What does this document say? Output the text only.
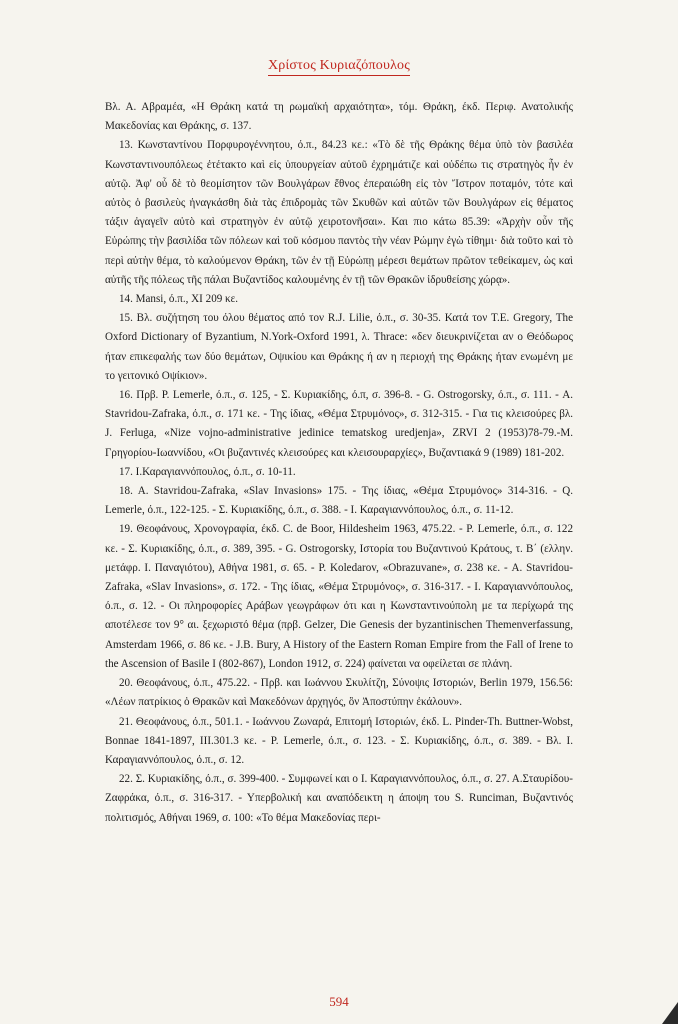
Χρίστος Κυριαζόπουλος

Βλ. Α. Αβραμέα, «Η Θράκη κατά τη ρωμαϊκή αρχαιότητα», τόμ. Θράκη, έκδ. Περιφ. Ανατολικής Μακεδονίας και Θράκης, σ. 137.

13. Κωνσταντίνου Πορφυρογέννητου, ό.π., 84.23 κε.: «Τὸ δὲ τῆς Θράκης θέμα ὑπὸ τὸν βασιλέα Κωνσταντινουπόλεως ἐτέτακτο καὶ εἰς ὑπουργείαν αὐτοῦ ἐχρημάτιζε καὶ οὐδέπω τις στρατηγὸς ἦν ἐν αὐτῷ. Ἀφ' οὗ δὲ τὸ θεομίσητον τῶν Βουλγάρων ἔθνος ἐπεραιώθη εἰς τὸν Ἴστρον ποταμόν, τότε καὶ αὐτὸς ὁ βασιλεὺς ἠναγκάσθη διὰ τὰς ἐπιδρομὰς τῶν Σκυθῶν καὶ αὐτῶν τῶν Βουλγάρων εἰς θέματος τάξιν ἀγαγεῖν αὐτὸ καὶ στρατηγὸν ἐν αὐτῷ χειροτονῆσαι». Και πιο κάτω 85.39: «Ἀρχὴν οὖν τῆς Εὐρώπης τὴν βασιλίδα τῶν πόλεων καὶ τοῦ κόσμου παντὸς τὴν νέαν Ρώμην ἐγὼ τίθημι· διὰ τοῦτο καὶ τὸ περὶ αὐτὴν θέμα, τὸ καλούμενον Θράκη, τῶν ἐν τῇ Εὐρώπῃ μέρεσι θεμάτων πρῶτον τεθείκαμεν, ὡς καὶ αὐτῆς τῆς πόλεως τῆς πάλαι Βυζαντίδος καλουμένης ἐν τῇ τῶν Θρακῶν ἱδρυθείσης χώρᾳ».

14. Mansi, ό.π., XI 209 κε.

15. Βλ. συζήτηση του όλου θέματος από τον R.J. Lilie, ό.π., σ. 30-35. Κατά τον T.E. Gregory, The Oxford Dictionary of Byzantium, N.York-Oxford 1991, λ. Thrace: «δεν διευκρινίζεται αν ο Θεόδωρος ήταν επικεφαλής των δύο θεμάτων, Οψικίου και Θράκης ή αν η περιοχή της Θράκης ήταν ενωμένη με το γειτονικό Οψίκιον».

16. Πρβ. P. Lemerle, ό.π., σ. 125, - Σ. Κυριακίδης, ό.π, σ. 396-8. - G. Ostrogorsky, ό.π., σ. 111. - A. Stavridou-Zafraka, ό.π., σ. 171 κε. - Της ίδιας, «Θέμα Στρυμόνος», σ. 312-315. - Για τις κλεισούρες βλ. J. Ferluga, «Nize vojno-administrative jedinice tematskog uredjenja», ZRVI 2 (1953)78-79.-Μ. Γρηγορίου-Ιωαννίδου, «Οι βυζαντινές κλεισούρες και κλεισουραρχίες», Βυζαντιακά 9 (1989) 181-202.

17. Ι.Καραγιαννόπουλος, ό.π., σ. 10-11.

18. A. Stavridou-Zafraka, «Slav Invasions» 175. - Της ίδιας, «Θέμα Στρυμόνος» 314-316. - Q. Lemerle, ό.π., 122-125. - Σ. Κυριακίδης, ό.π., σ. 388. - Ι. Καραγιαννόπουλος, ό.π., σ. 11-12.

19. Θεοφάνους, Χρονογραφία, έκδ. C. de Boor, Hildesheim 1963, 475.22. - P. Lemerle, ό.π., σ. 122 κε. - Σ. Κυριακίδης, ό.π., σ. 389, 395. - G. Ostrogorsky, Ιστορία του Βυζαντινού Κράτους, τ. Β΄ (ελλην. μετάφρ. Ι. Παναγιότου), Αθήνα 1981, σ. 65. - P. Koledarov, «Obrazuvane», σ. 238 κε. - A. Stavridou-Zafraka, «Slav Invasions», σ. 172. - Της ίδιας, «Θέμα Στρυμόνος», σ. 316-317. - Ι. Καραγιαννόπουλος, ό.π., σ. 12. - Οι πληροφορίες Αράβων γεωγράφων ότι και η Κωνσταντινούπολη με τα περίχωρά της αποτέλεσε τον 9° αι. ξεχωριστό θέμα (πρβ. Gelzer, Die Genesis der byzantinischen Themenverfassung, Amsterdam 1966, σ. 86 κε. - J.B. Bury, A History of the Eastern Roman Empire from the Fall of Irene to the Ascension of Basile I (802-867), London 1912, σ. 224) φαίνεται να οφείλεται σε πλάνη.

20. Θεοφάνους, ό.π., 475.22. - Πρβ. και Ιωάννου Σκυλίτζη, Σύνοψις Ιστοριών, Berlin 1979, 156.56: «Λέων πατρίκιος ὁ Θρακῶν καὶ Μακεδόνων ἀρχηγός, ὃν Ἀποστύπην ἐκάλουν».

21. Θεοφάνους, ό.π., 501.1. - Ιωάννου Ζωναρά, Επιτομή Ιστοριών, έκδ. L. Pinder-Th. Buttner-Wobst, Bonnae 1841-1897, III.301.3 κε. - P. Lemerle, ό.π., σ. 123. - Σ. Κυριακίδης, ό.π., σ. 389. - Βλ. Ι. Καραγιαννόπουλος, ό.π., σ. 12.

22. Σ. Κυριακίδης, ό.π., σ. 399-400. - Συμφωνεί και ο Ι. Καραγιαννόπουλος, ό.π., σ. 27. Α.Σταυρίδου-Ζαφράκα, ό.π., σ. 316-317. - Υπερβολική και αναπόδεικτη η άποψη του S. Runciman, Βυζαντινός πολιτισμός, Αθήναι 1969, σ. 100: «Το θέμα Μακεδονίας περι-

594
